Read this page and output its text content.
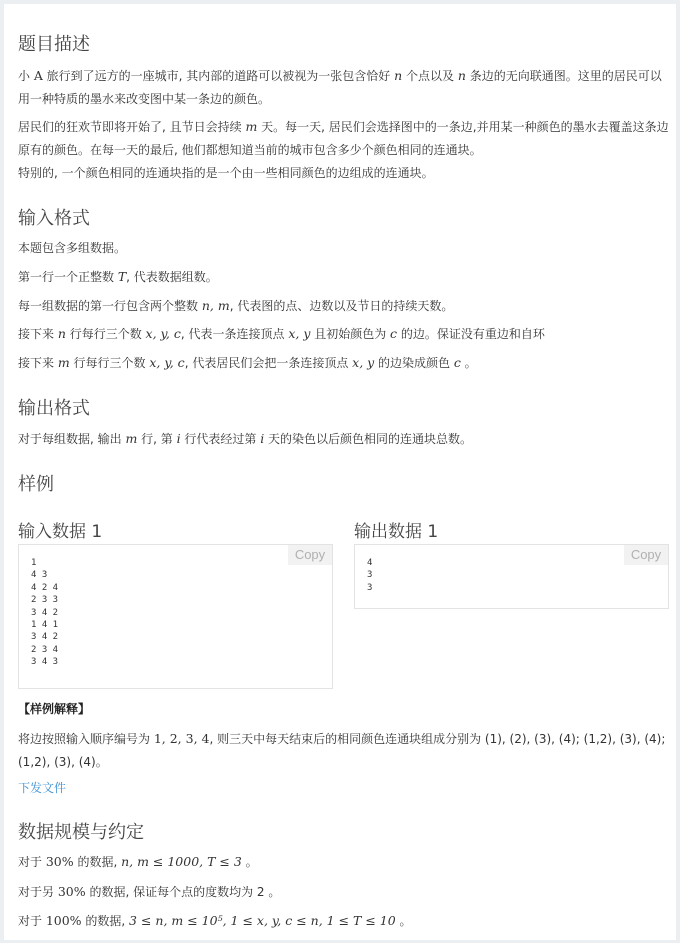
题目描述

小 A 旅行到了远方的一座城市, 其内部的道路可以被视为一张包含恰好 n 个点以及 n 条边的无向联通图。这里的居民可以用一种特质的墨水来改变图中某一条边的颜色。

居民们的狂欢节即将开始了, 且节日会持续 m 天。每一天, 居民们会选择图中的一条边,并用某一种颜色的墨水去覆盖这条边原有的颜色。在每一天的最后, 他们都想知道当前的城市包含多少个颜色相同的连通块。

特别的, 一个颜色相同的连通块指的是一个由一些相同颜色的边组成的连通块。

输入格式

本题包含多组数据。

第一行一个正整数 T, 代表数据组数。

每一组数据的第一行包含两个整数 n, m, 代表图的点、边数以及节日的持续天数。

接下来 n 行每行三个数 x, y, c, 代表一条连接顶点 x, y 且初始颜色为 c 的边。保证没有重边和自环

接下来 m 行每行三个数 x, y, c, 代表居民们会把一条连接顶点 x, y 的边染成颜色 c 。

输出格式

对于每组数据, 输出 m 行, 第 i 行代表经过第 i 天的染色以后颜色相同的连通块总数。

样例
输入数据 1	输出数据 1
1
4 3
4 2 4
2 3 3
3 4 2
1 4 1
3 4 2
2 3 4
3 4 3
Copy
4
3
3
Copy
【样例解释】

将边按照输入顺序编号为 1, 2, 3, 4, 则三天中每天结束后的相同颜色连通块组成分别为 (1), (2), (3), (4); (1,2), (3), (4); (1,2), (3), (4)。

下发文件
数据规模与约定

对于 30% 的数据, n, m ≤ 1000, T ≤ 3 。

对于另 30% 的数据, 保证每个点的度数均为 2 。

对于 100% 的数据, 3 ≤ n, m ≤ 10⁵, 1 ≤ x, y, c ≤ n, 1 ≤ T ≤ 10 。
